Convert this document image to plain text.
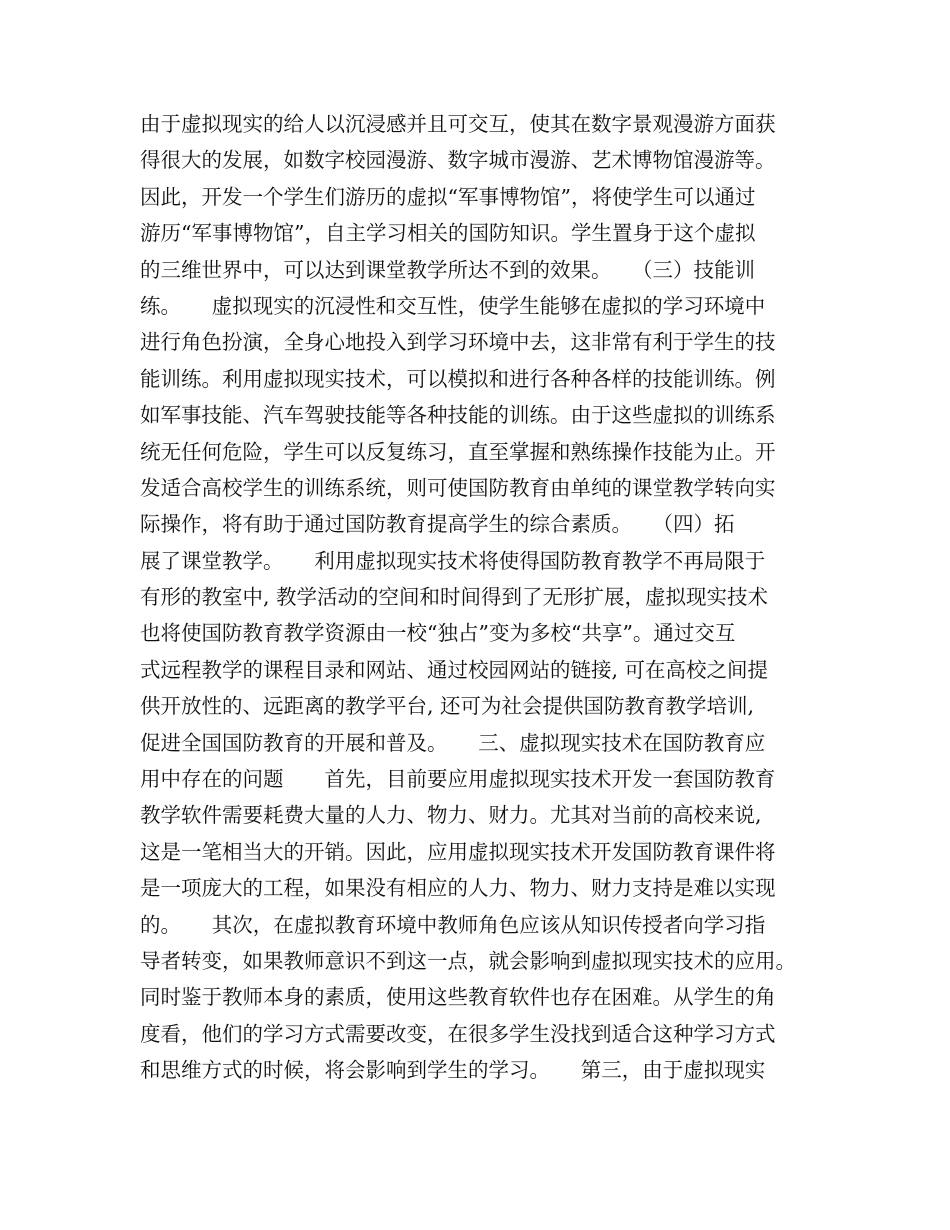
由于虚拟现实的给人以沉浸感并且可交互，使其在数字景观漫游方面获
得很大的发展，如数字校园漫游、数字城市漫游、艺术博物馆漫游等。
因此，开发一个学生们游历的虚拟“军事博物馆”，将使学生可以通过
游历“军事博物馆”，自主学习相关的国防知识。学生置身于这个虚拟
的三维世界中，可以达到课堂教学所达不到的效果。　　（三）技能训
练。　　虚拟现实的沉浸性和交互性，使学生能够在虚拟的学习环境中
进行角色扮演，全身心地投入到学习环境中去，这非常有利于学生的技
能训练。利用虚拟现实技术，可以模拟和进行各种各样的技能训练。例
如军事技能、汽车驾驶技能等各种技能的训练。由于这些虚拟的训练系
统无任何危险，学生可以反复练习，直至掌握和熟练操作技能为止。开
发适合高校学生的训练系统，则可使国防教育由单纯的课堂教学转向实
际操作，将有助于通过国防教育提高学生的综合素质。　　（四）拓
展了课堂教学。　　利用虚拟现实技术将使得国防教育教学不再局限于
有形的教室中, 教学活动的空间和时间得到了无形扩展，虚拟现实技术
也将使国防教育教学资源由一校“独占”变为多校“共享”。通过交互
式远程教学的课程目录和网站、通过校园网站的链接, 可在高校之间提
供开放性的、远距离的教学平台, 还可为社会提供国防教育教学培训,
促进全国国防教育的开展和普及。　　三、虚拟现实技术在国防教育应
用中存在的问题　　首先，目前要应用虚拟现实技术开发一套国防教育
教学软件需要耗费大量的人力、物力、财力。尤其对当前的高校来说,
这是一笔相当大的开销。因此，应用虚拟现实技术开发国防教育课件将
是一项庞大的工程，如果没有相应的人力、物力、财力支持是难以实现
的。　　其次，在虚拟教育环境中教师角色应该从知识传授者向学习指
导者转变，如果教师意识不到这一点，就会影响到虚拟现实技术的应用。
同时鉴于教师本身的素质，使用这些教育软件也存在困难。从学生的角
度看，他们的学习方式需要改变，在很多学生没找到适合这种学习方式
和思维方式的时候，将会影响到学生的学习。　　第三，由于虚拟现实
